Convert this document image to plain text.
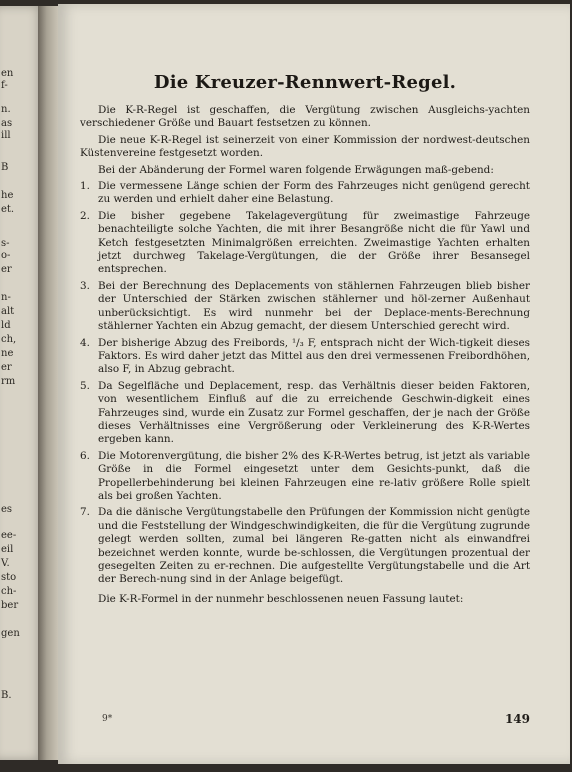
en
f-
n.
as
ill
B
he
et.
s-
o-
er
n-
alt
ld
ch,
ne
er
rm
es
ee-
eil
V.
sto
ch-
ber
gen
B.
Die Kreuzer-Rennwert-Regel.

Die K-R-Regel ist geschaffen, die Vergütung zwischen Ausgleichs-yachten verschiedener Größe und Bauart festsetzen zu können.

Die neue K-R-Regel ist seinerzeit von einer Kommission der nordwest-deutschen Küstenvereine festgesetzt worden.

Bei der Abänderung der Formel waren folgende Erwägungen maß-gebend:

1. Die vermessene Länge schien der Form des Fahrzeuges nicht genügend gerecht zu werden und erhielt daher eine Belastung.
2. Die bisher gegebene Takelagevergütung für zweimastige Fahrzeuge benachteiligte solche Yachten, die mit ihrer Besangröße nicht die für Yawl und Ketch festgesetzten Minimalgrößen erreichten. Zweimastige Yachten erhalten jetzt durchweg Takelage-Vergütungen, die der Größe ihrer Besansegel entsprechen.
3. Bei der Berechnung des Deplacements von stählernen Fahrzeugen blieb bisher der Unterschied der Stärken zwischen stählerner und höl-zerner Außenhaut unberücksichtigt. Es wird nunmehr bei der Deplace-ments-Berechnung stählerner Yachten ein Abzug gemacht, der diesem Unterschied gerecht wird.
4. Der bisherige Abzug des Freibords, ¹/₃ F, entsprach nicht der Wich-tigkeit dieses Faktors. Es wird daher jetzt das Mittel aus den drei vermessenen Freibordhöhen, also F, in Abzug gebracht.
5. Da Segelfläche und Deplacement, resp. das Verhältnis dieser beiden Faktoren, von wesentlichem Einfluß auf die zu erreichende Geschwin-digkeit eines Fahrzeuges sind, wurde ein Zusatz zur Formel geschaffen, der je nach der Größe dieses Verhältnisses eine Vergrößerung oder Verkleinerung des K-R-Wertes ergeben kann.
6. Die Motorenvergütung, die bisher 2% des K-R-Wertes betrug, ist jetzt als variable Größe in die Formel eingesetzt unter dem Gesichts-punkt, daß die Propellerbehinderung bei kleinen Fahrzeugen eine re-lativ größere Rolle spielt als bei großen Yachten.
7. Da die dänische Vergütungstabelle den Prüfungen der Kommission nicht genügte und die Feststellung der Windgeschwindigkeiten, die für die Vergütung zugrunde gelegt werden sollten, zumal bei längeren Re-gatten nicht als einwandfrei bezeichnet werden konnte, wurde be-schlossen, die Vergütungen prozentual der gesegelten Zeiten zu er-rechnen. Die aufgestellte Vergütungstabelle und die Art der Berech-nung sind in der Anlage beigefügt.

Die K-R-Formel in der nunmehr beschlossenen neuen Fassung lautet:

9*	149
